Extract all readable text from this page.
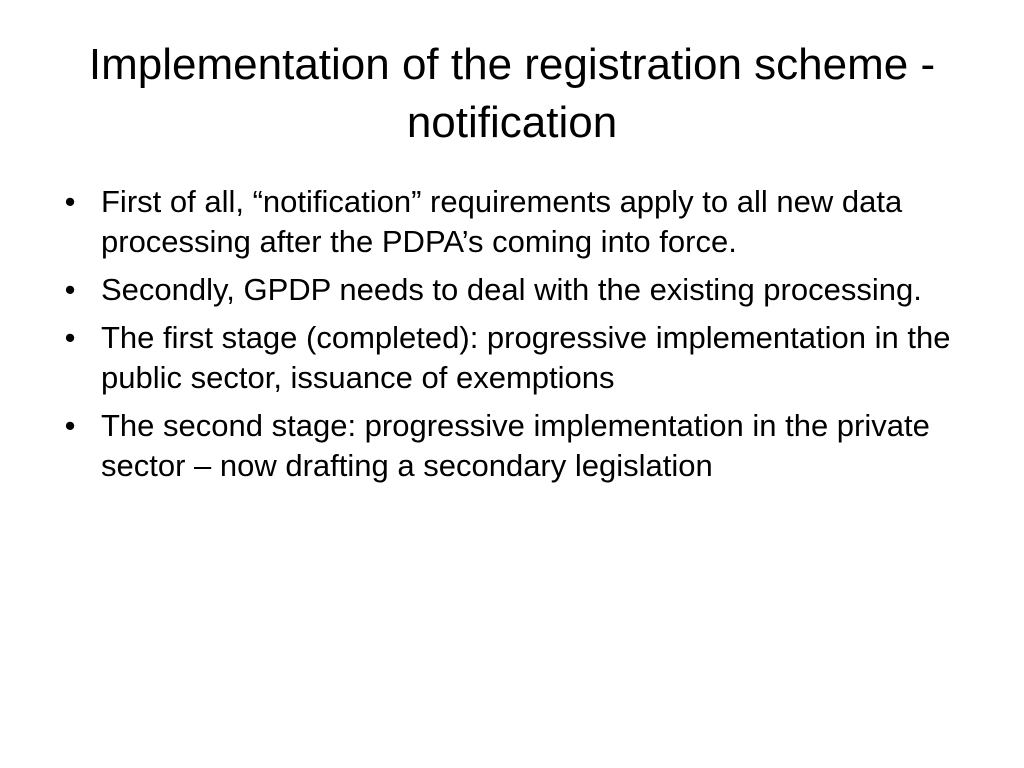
Implementation of the registration scheme - notification
• First of all, “notification” requirements apply to all new data processing after the PDPA’s coming into force.
• Secondly, GPDP needs to deal with the existing processing.
• The first stage (completed): progressive implementation in the public sector, issuance of exemptions
• The second stage: progressive implementation in the private sector – now drafting a secondary legislation
